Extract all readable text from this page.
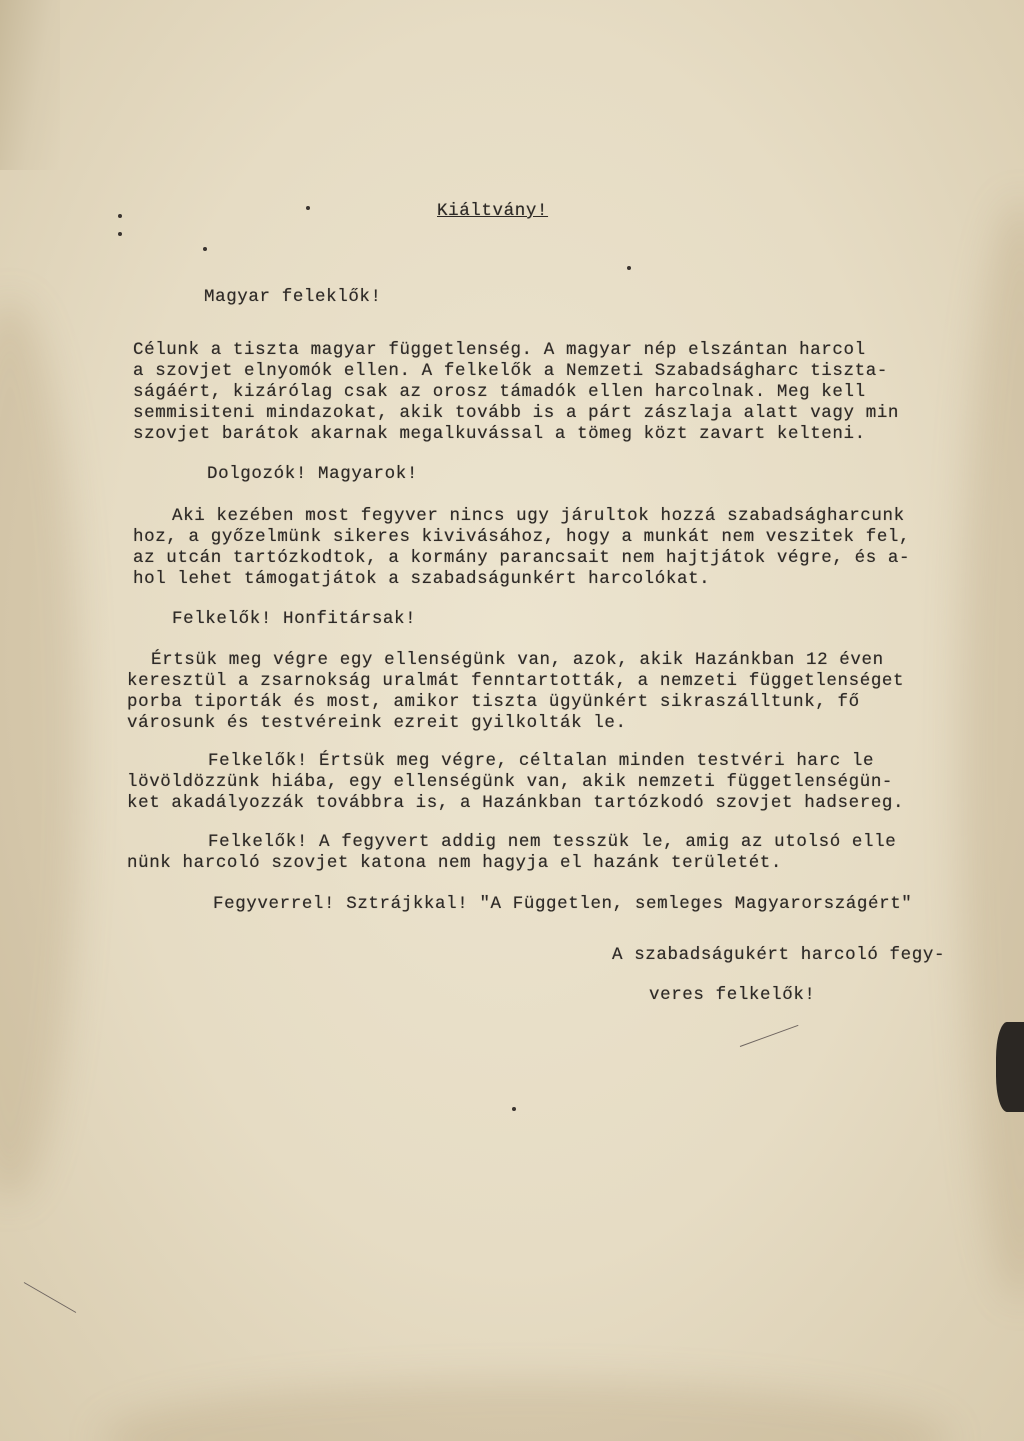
Kiáltvány!
Magyar feleklők!
Célunk a tiszta magyar függetlenség. A magyar nép elszántan harcol
a szovjet elnyomók ellen. A felkelők a Nemzeti Szabadságharc tiszta-
ságáért, kizárólag csak az orosz támadók ellen harcolnak. Meg kell
semmisiteni mindazokat, akik tovább is a párt zászlaja alatt vagy min
szovjet barátok akarnak megalkuvással a tömeg közt zavart kelteni.
Dolgozók! Magyarok!
Aki kezében most fegyver nincs ugy járultok hozzá szabadságharcunk
hoz, a győzelmünk sikeres kivivásához, hogy a munkát nem veszitek fel,
az utcán tartózkodtok, a kormány parancsait nem hajtjátok végre, és a-
hol lehet támogatjátok a szabadságunkért harcolókat.
Felkelők! Honfitársak!
Értsük meg végre egy ellenségünk van, azok, akik Hazánkban 12 éven
keresztül a zsarnokság uralmát fenntartották, a nemzeti függetlenséget
porba tiporták és most, amikor tiszta ügyünkért sikraszálltunk, fő
városunk és testvéreink ezreit gyilkolták le.
Felkelők! Értsük meg végre, céltalan minden testvéri harc le
lövöldözzünk hiába, egy ellenségünk van, akik nemzeti függetlenségün-
ket akadályozzák továbbra is, a Hazánkban tartózkodó szovjet hadsereg.
Felkelők! A fegyvert addig nem tesszük le, amig az utolsó elle
nünk harcoló szovjet katona nem hagyja el hazánk területét.
Fegyverrel! Sztrájkkal! "A Független, semleges Magyarországért"
A szabadságukért harcoló fegy-
veres felkelők!
